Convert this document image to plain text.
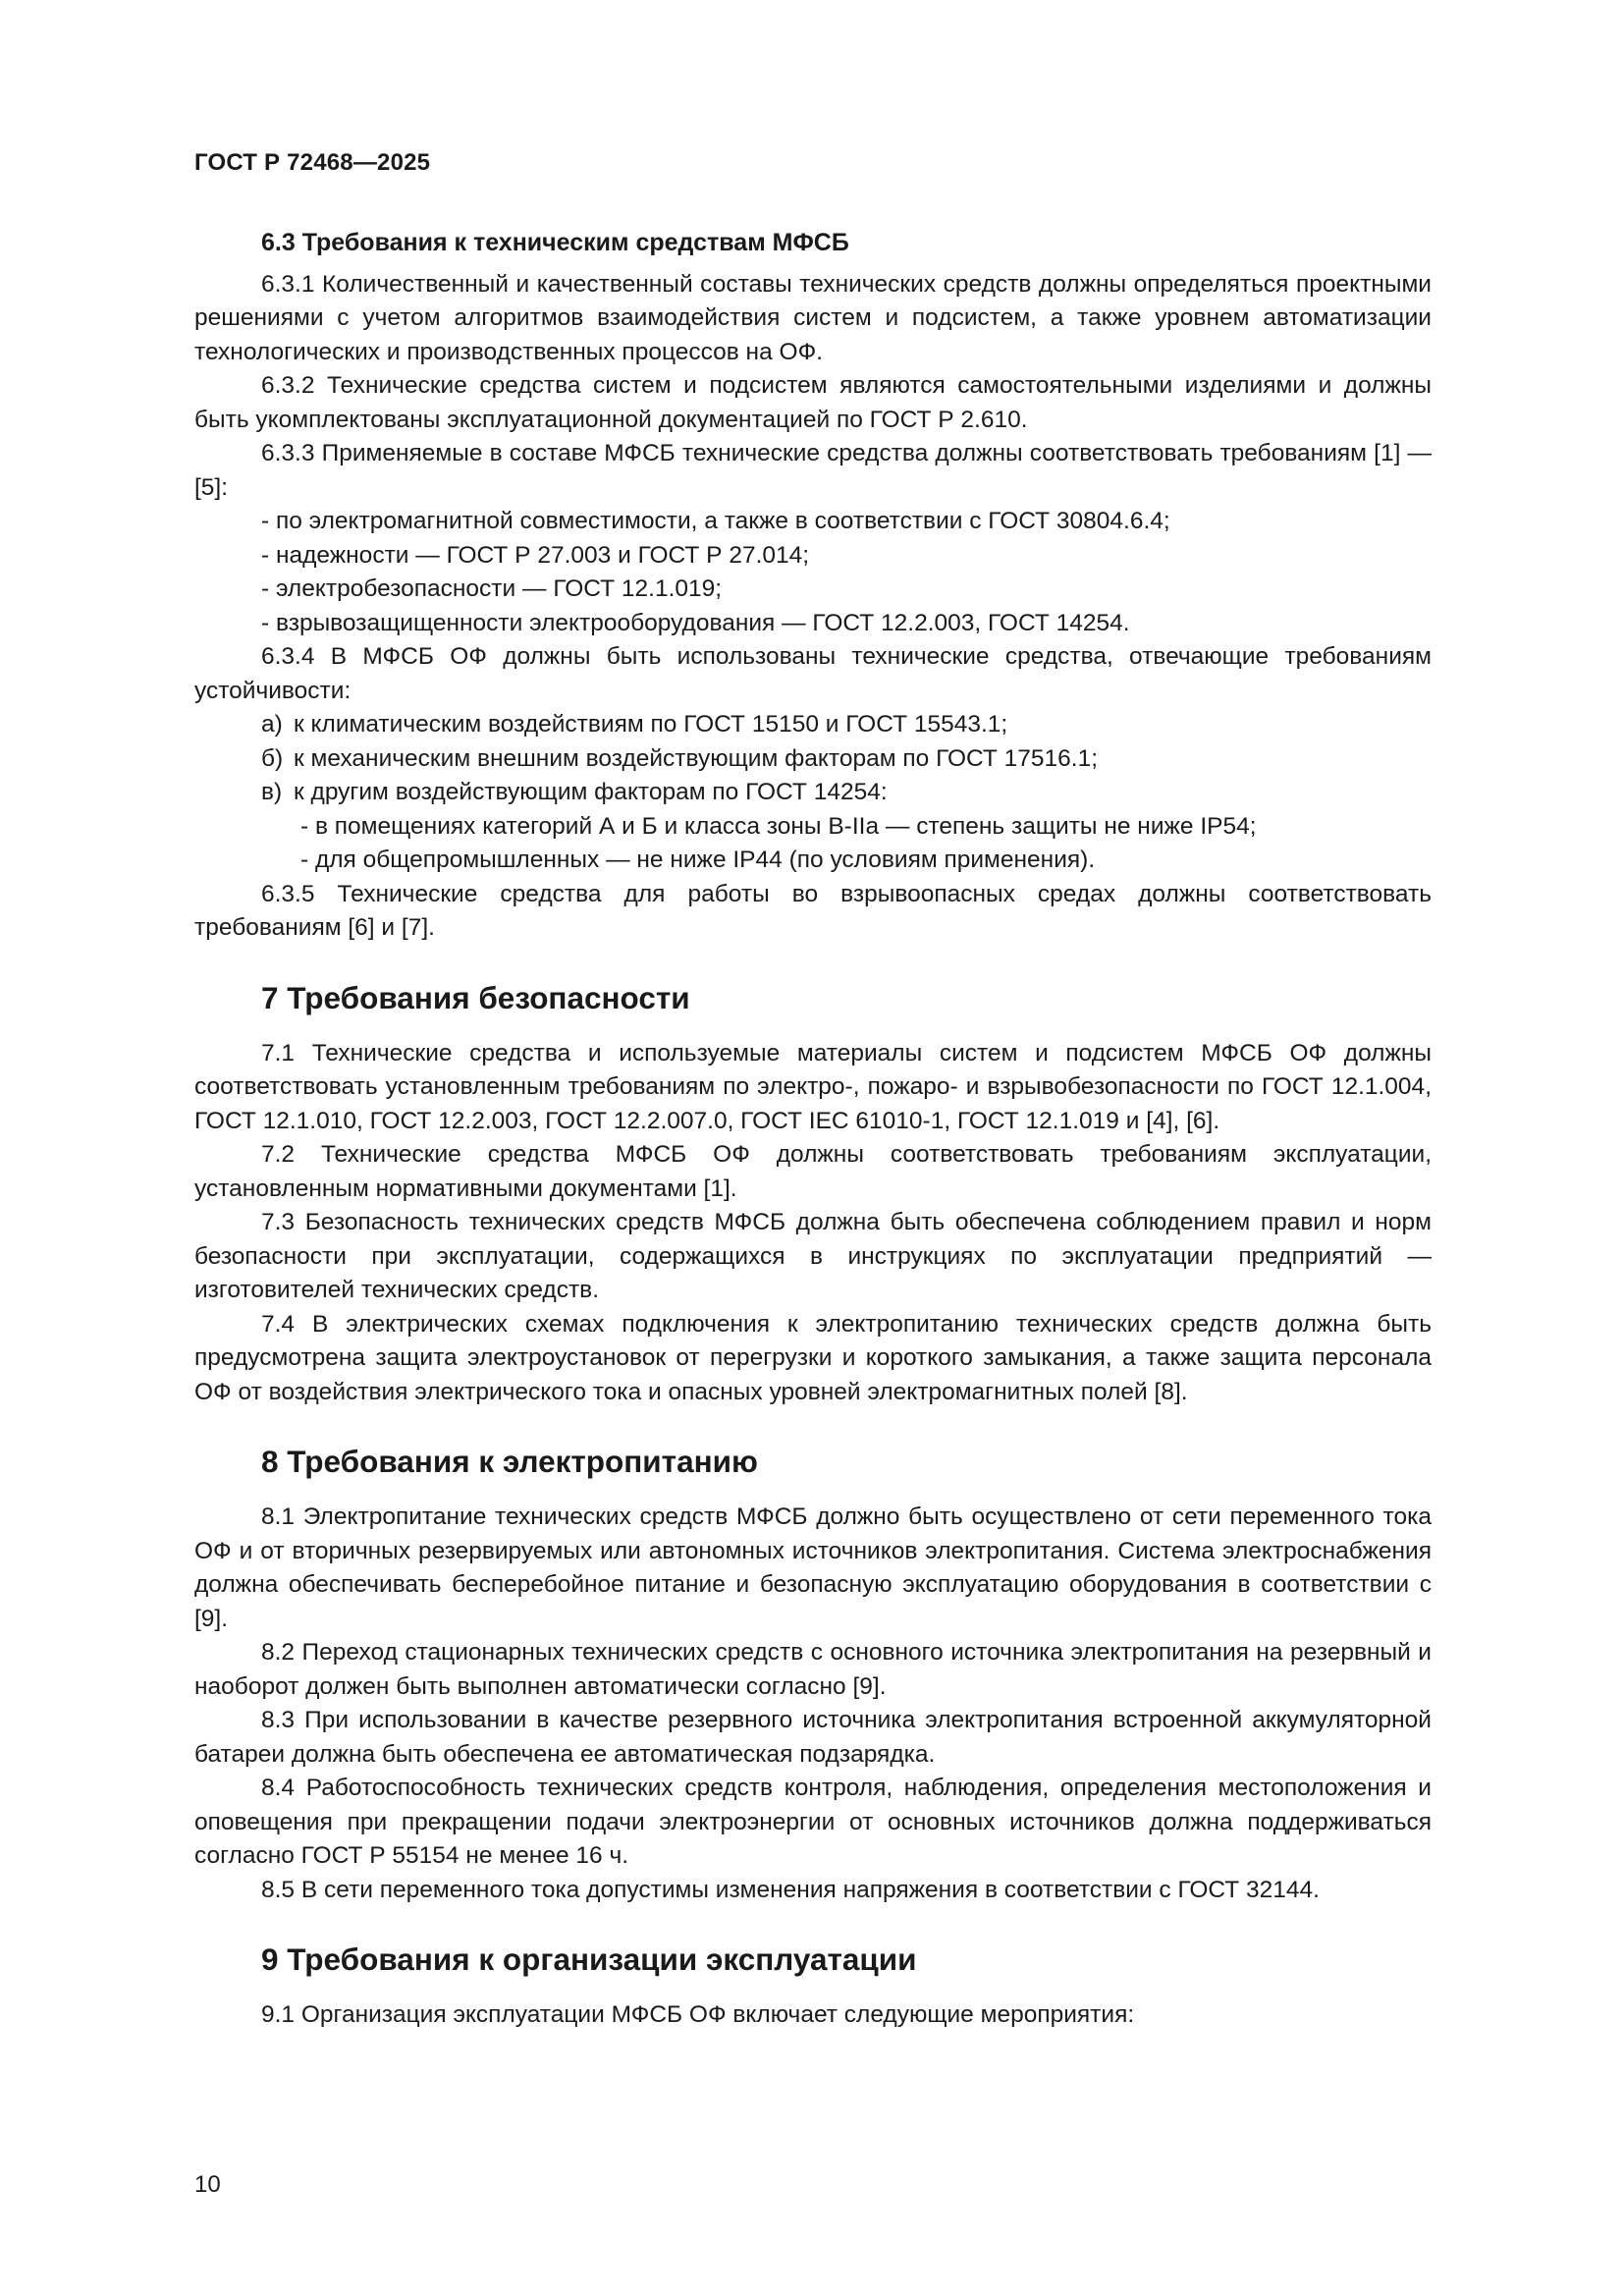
ГОСТ Р 72468—2025
6.3 Требования к техническим средствам МФСБ
6.3.1 Количественный и качественный составы технических средств должны определяться проектными решениями с учетом алгоритмов взаимодействия систем и подсистем, а также уровнем автоматизации технологических и производственных процессов на ОФ.
6.3.2 Технические средства систем и подсистем являются самостоятельными изделиями и должны быть укомплектованы эксплуатационной документацией по ГОСТ Р 2.610.
6.3.3 Применяемые в составе МФСБ технические средства должны соответствовать требованиям [1] — [5]:
- по электромагнитной совместимости, а также в соответствии с ГОСТ 30804.6.4;
- надежности — ГОСТ Р 27.003 и ГОСТ Р 27.014;
- электробезопасности — ГОСТ 12.1.019;
- взрывозащищенности электрооборудования — ГОСТ 12.2.003, ГОСТ 14254.
6.3.4 В МФСБ ОФ должны быть использованы технические средства, отвечающие требованиям устойчивости:
а) к климатическим воздействиям по ГОСТ 15150 и ГОСТ 15543.1;
б) к механическим внешним воздействующим факторам по ГОСТ 17516.1;
в) к другим воздействующим факторам по ГОСТ 14254:
- в помещениях категорий А и Б и класса зоны В-IIа — степень защиты не ниже IP54;
- для общепромышленных — не ниже IP44 (по условиям применения).
6.3.5 Технические средства для работы во взрывоопасных средах должны соответствовать требованиям [6] и [7].
7 Требования безопасности
7.1 Технические средства и используемые материалы систем и подсистем МФСБ ОФ должны соответствовать установленным требованиям по электро-, пожаро- и взрывобезопасности по ГОСТ 12.1.004, ГОСТ 12.1.010, ГОСТ 12.2.003, ГОСТ 12.2.007.0, ГОСТ IEC 61010-1, ГОСТ 12.1.019 и [4], [6].
7.2 Технические средства МФСБ ОФ должны соответствовать требованиям эксплуатации, установленным нормативными документами [1].
7.3 Безопасность технических средств МФСБ должна быть обеспечена соблюдением правил и норм безопасности при эксплуатации, содержащихся в инструкциях по эксплуатации предприятий — изготовителей технических средств.
7.4 В электрических схемах подключения к электропитанию технических средств должна быть предусмотрена защита электроустановок от перегрузки и короткого замыкания, а также защита персонала ОФ от воздействия электрического тока и опасных уровней электромагнитных полей [8].
8 Требования к электропитанию
8.1 Электропитание технических средств МФСБ должно быть осуществлено от сети переменного тока ОФ и от вторичных резервируемых или автономных источников электропитания. Система электроснабжения должна обеспечивать бесперебойное питание и безопасную эксплуатацию оборудования в соответствии с [9].
8.2 Переход стационарных технических средств с основного источника электропитания на резервный и наоборот должен быть выполнен автоматически согласно [9].
8.3 При использовании в качестве резервного источника электропитания встроенной аккумуляторной батареи должна быть обеспечена ее автоматическая подзарядка.
8.4 Работоспособность технических средств контроля, наблюдения, определения местоположения и оповещения при прекращении подачи электроэнергии от основных источников должна поддерживаться согласно ГОСТ Р 55154 не менее 16 ч.
8.5 В сети переменного тока допустимы изменения напряжения в соответствии с ГОСТ 32144.
9 Требования к организации эксплуатации
9.1 Организация эксплуатации МФСБ ОФ включает следующие мероприятия:
10
